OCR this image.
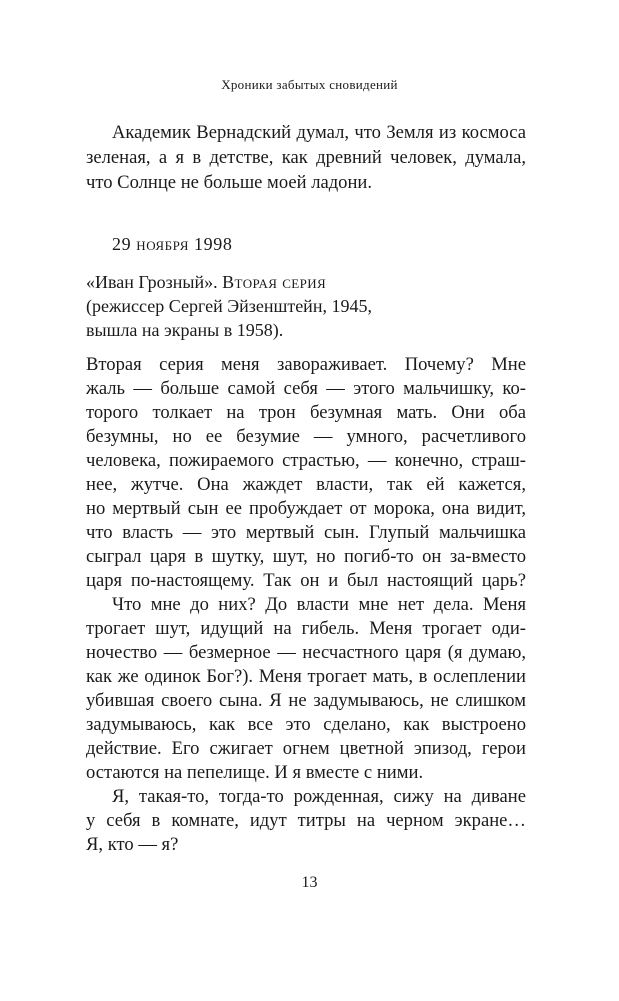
Хроники забытых сновидений
Академик Вернадский думал, что Земля из космоса
зеленая, а я в детстве, как древний человек, думала,
что Солнце не больше моей ладони.
29 ноября 1998
«Иван Грозный». Вторая серия
(режиссер Сергей Эйзенштейн, 1945,
вышла на экраны в 1958).
Вторая серия меня завораживает. Почему? Мне
жаль — больше самой себя — этого мальчишку, ко-
торого толкает на трон безумная мать. Они оба
безумны, но ее безумие — умного, расчетливого
человека, пожираемого страстью, — конечно, страш-
нее, жутче. Она жаждет власти, так ей кажется,
но мертвый сын ее пробуждает от морока, она видит,
что власть — это мертвый сын. Глупый мальчишка
сыграл царя в шутку, шут, но погиб-то он за-вместо
царя по-настоящему. Так он и был настоящий царь?
Что мне до них? До власти мне нет дела. Меня
трогает шут, идущий на гибель. Меня трогает оди-
ночество — безмерное — несчастного царя (я думаю,
как же одинок Бог?). Меня трогает мать, в ослеплении
убившая своего сына. Я не задумываюсь, не слишком
задумываюсь, как все это сделано, как выстроено
действие. Его сжигает огнем цветной эпизод, герои
остаются на пепелище. И я вместе с ними.
Я, такая-то, тогда-то рожденная, сижу на диване
у себя в комнате, идут титры на черном экране…
Я, кто — я?
13
